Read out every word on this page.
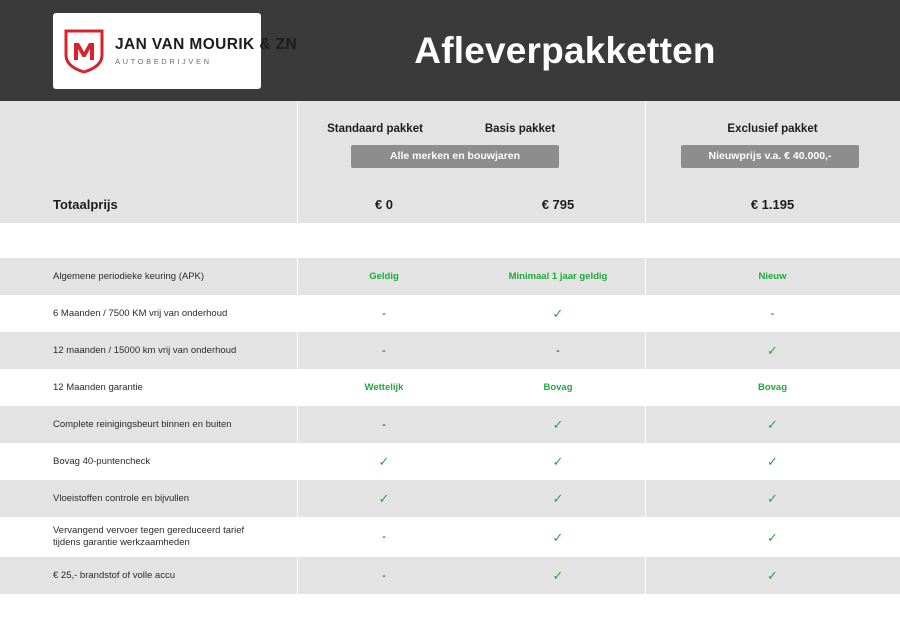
JAN VAN MOURIK & ZN
AUTOBEDRIJVEN	Afleverpakketten
Standaard pakket	Basis pakket	Exclusief pakket
Alle merken en bouwjaren	Nieuwprijs v.a. € 40.000,-
Totaalprijs	€ 0	€ 795	€ 1.195
Algemene periodieke keuring (APK)	Geldig	Minimaal 1 jaar geldig	Nieuw
6 Maanden / 7500 KM vrij van onderhoud	-	✓	-
12 maanden / 15000 km vrij van onderhoud	-	-	✓
12 Maanden garantie	Wettelijk	Bovag	Bovag
Complete reinigingsbeurt binnen en buiten	-	✓	✓
Bovag 40-puntencheck	✓	✓	✓
Vloeistoffen controle en bijvullen	✓	✓	✓
Vervangend vervoer tegen gereduceerd tarief
tijdens garantie werkzaamheden	-	✓	✓
€ 25,- brandstof of volle accu	-	✓	✓
